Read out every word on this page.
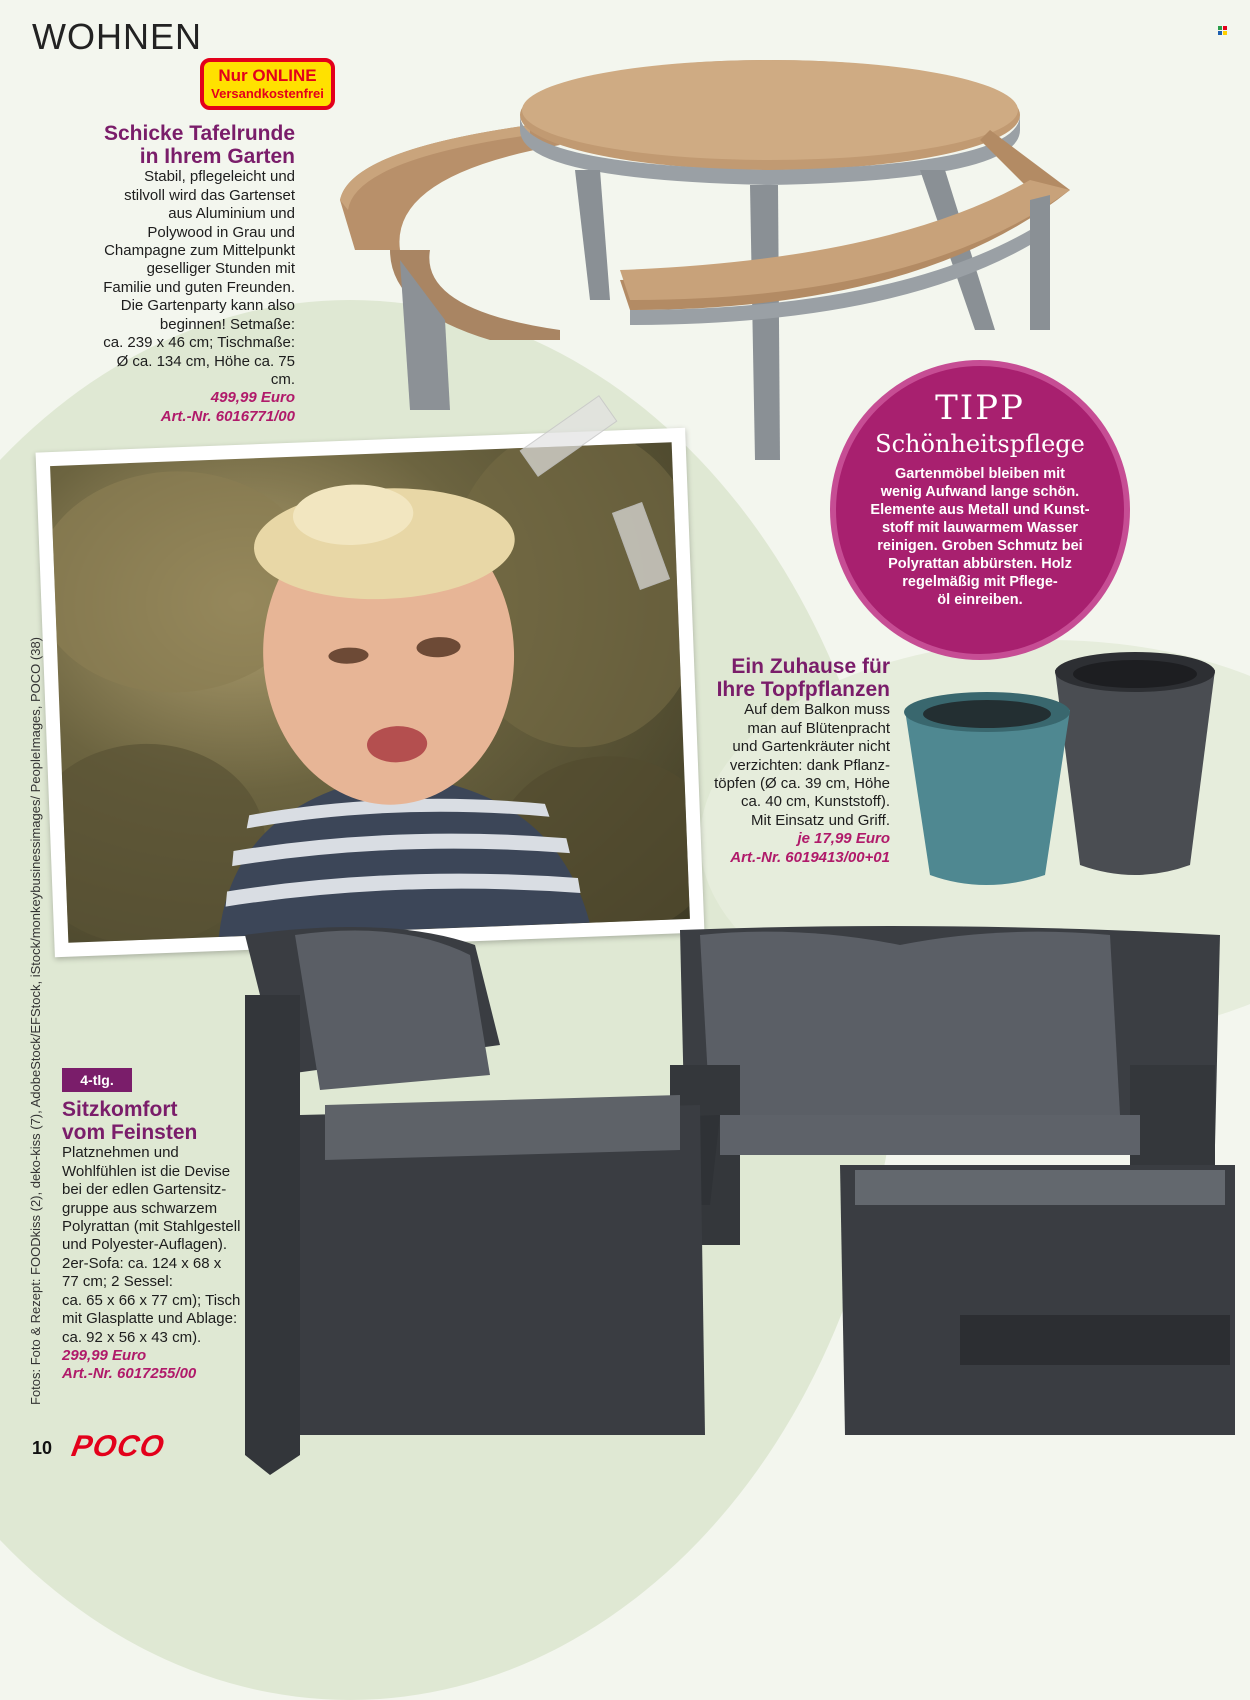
WOHNEN
Nur ONLINE
Versandkostenfrei
Schicke Tafelrunde
in Ihrem Garten
Stabil, pflegeleicht und
stilvoll wird das Gartenset
aus Aluminium und
Polywood in Grau und
Champagne zum Mittelpunkt
geselliger Stunden mit
Familie und guten Freunden.
Die Gartenparty kann also
beginnen! Setmaße:
ca. 239 x 46 cm; Tischmaße:
Ø ca. 134 cm, Höhe ca. 75 cm.
499,99 Euro
Art.-Nr. 6016771/00	TIPP
Schönheitspflege
Gartenmöbel bleiben mit
wenig Aufwand lange schön.
Elemente aus Metall und Kunst-
stoff mit lauwarmem Wasser
reinigen. Groben Schmutz bei
Polyrattan abbürsten. Holz
regelmäßig mit Pflege-
öl einreiben.
Ein Zuhause für
Ihre Topfpflanzen
Auf dem Balkon muss
man auf Blütenpracht
und Gartenkräuter nicht
verzichten: dank Pflanz-
töpfen (Ø ca. 39 cm, Höhe
ca. 40 cm, Kunststoff).
Mit Einsatz und Griff.
je 17,99 Euro
Art.-Nr. 6019413/00+01
4-tlg.
Sitzkomfort
vom Feinsten
Platznehmen und
Wohlfühlen ist die Devise
bei der edlen Gartensitz-
gruppe aus schwarzem
Polyrattan (mit Stahlgestell
und Polyester-Auflagen).
2er-Sofa: ca. 124 x 68 x
77 cm; 2 Sessel:
ca. 65 x 66 x 77 cm); Tisch
mit Glasplatte und Ablage:
ca. 92 x 56 x 43 cm).
299,99 Euro
Art.-Nr. 6017255/00
Fotos: Foto & Rezept: FOODkiss (2), deko-kiss (7), AdobeStock/EFStock, iStock/monkeybusinessimages/ PeopleImages, POCO (38)
10 POCO
